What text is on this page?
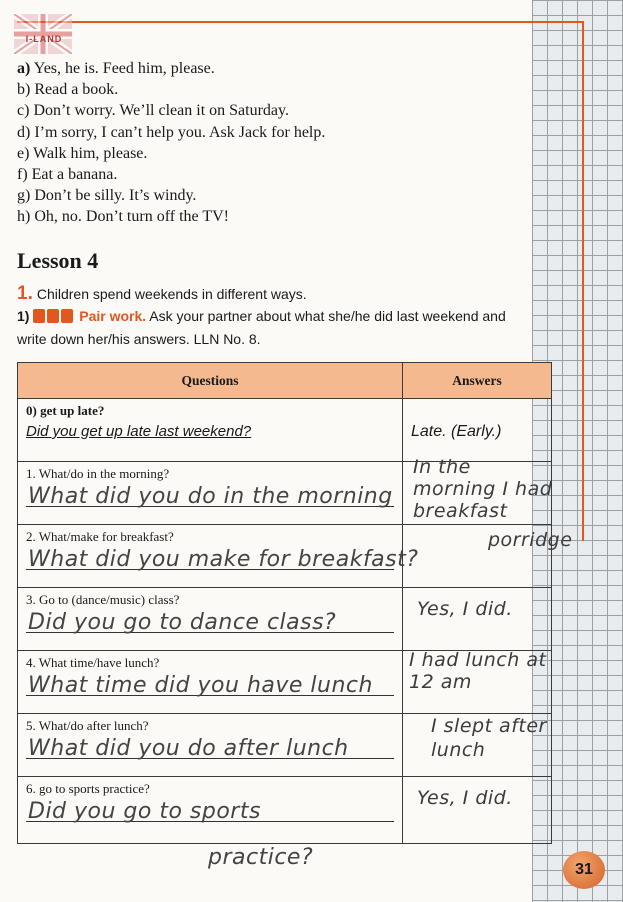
I-LAND
a) Yes, he is. Feed him, please.
b) Read a book.
c) Don’t worry. We’ll clean it on Saturday.
d) I’m sorry, I can’t help you. Ask Jack for help.
e) Walk him, please.
f) Eat a banana.
g) Don’t be silly. It’s windy.
h) Oh, no. Don’t turn off the TV!
Lesson 4
1. Children spend weekends in different ways.
1)	Pair work. Ask your partner about what she/he did last weekend and write down her/his answers. LLN No. 8.
Questions	Answers
0) get up late?
Did you get up late last weekend?	Late. (Early.)

1. What/do in the morning?
What did you do in the morning	In the morning I had breakfast

2. What/make for breakfast?
What did you make for breakfast?	porridge

3. Go to (dance/music) class?
Did you go to dance class?	Yes, I did.

4. What time/have lunch?
What time did you have lunch	I had lunch at 12 am

5. What/do after lunch?
What did you do after lunch	I slept after lunch

6. go to sports practice?
Did you go to sports
practice?	Yes, I did.
31
